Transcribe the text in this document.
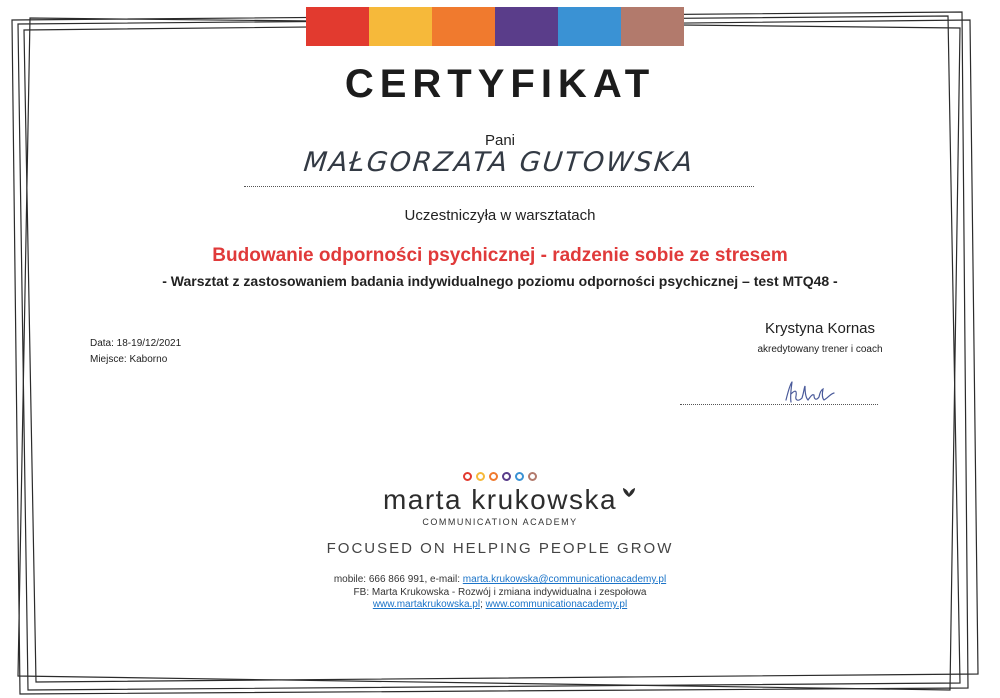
CERTYFIKAT
Pani
MAŁGORZATA GUTOWSKA
Uczestniczyła w warsztatach
Budowanie odporności psychicznej - radzenie sobie ze stresem
- Warsztat z zastosowaniem badania indywidualnego poziomu odporności psychicznej – test MTQ48 -
Data: 18-19/12/2021
Miejsce: Kaborno
Krystyna Kornas
akredytowany trener i coach
marta krukowska
COMMUNICATION ACADEMY
FOCUSED ON HELPING PEOPLE GROW
mobile: 666 866 991, e-mail: marta.krukowska@communicationacademy.pl
FB: Marta Krukowska - Rozwój i zmiana indywidualna i zespołowa
www.martakrukowska.pl; www.communicationacademy.pl
